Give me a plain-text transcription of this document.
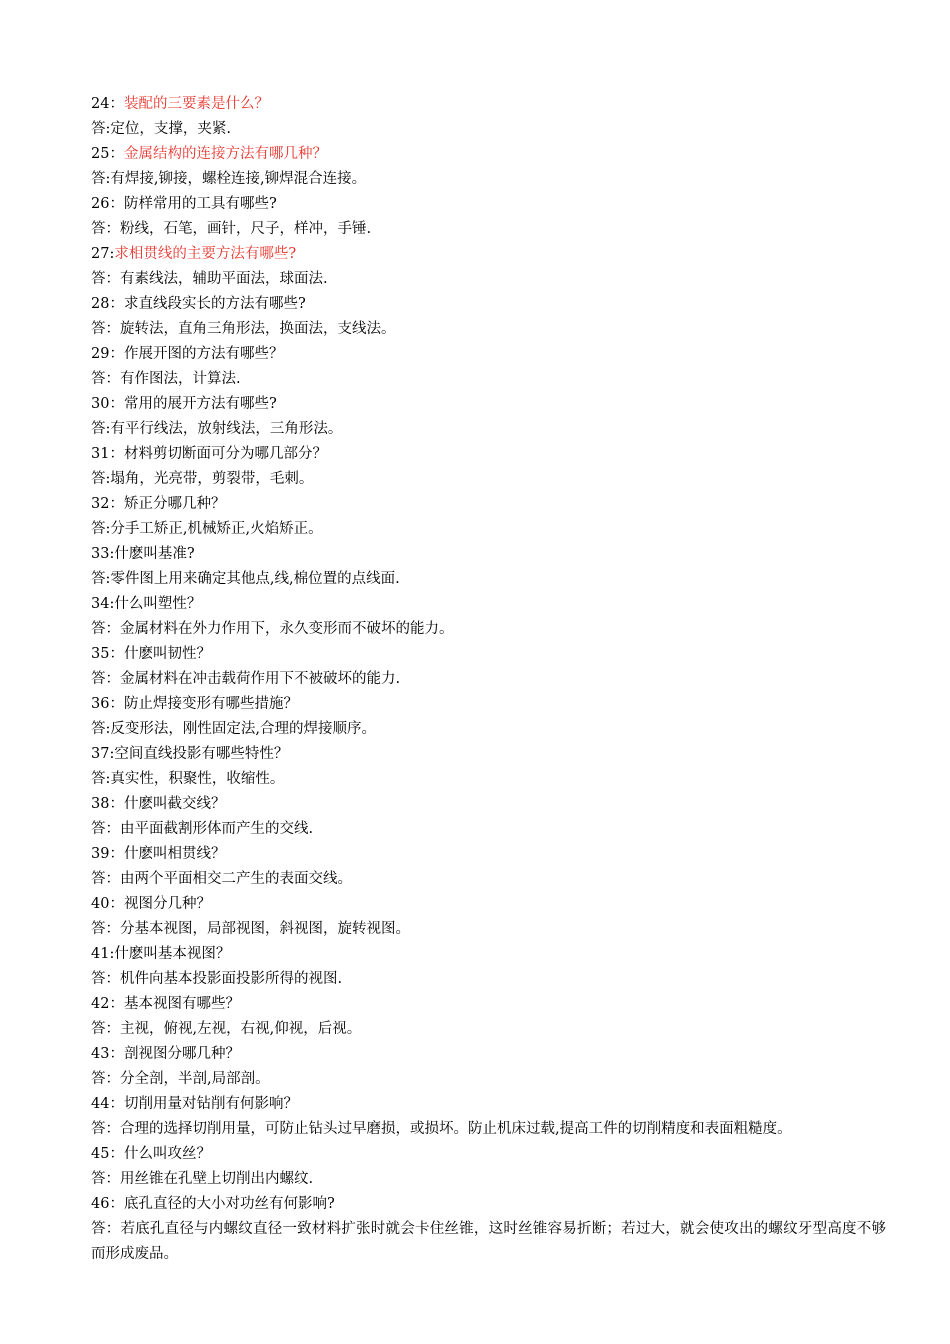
24：装配的三要素是什么？
答:定位，支撑，夹紧.
25：金属结构的连接方法有哪几种？
答:有焊接,铆接，螺栓连接,铆焊混合连接。
26：防样常用的工具有哪些?
答：粉线，石笔，画针，尺子，样冲，手锤.
27:求相贯线的主要方法有哪些?
答：有素线法，辅助平面法，球面法.
28：求直线段实长的方法有哪些?
答：旋转法，直角三角形法，换面法，支线法。
29：作展开图的方法有哪些？
答：有作图法，计算法.
30：常用的展开方法有哪些?
答:有平行线法，放射线法，三角形法。
31：材料剪切断面可分为哪几部分？
答:塌角，光亮带，剪裂带，毛刺。
32：矫正分哪几种？
答:分手工矫正,机械矫正,火焰矫正。
33:什麽叫基准?
答:零件图上用来确定其他点,线,棉位置的点线面.
34:什么叫塑性？
答：金属材料在外力作用下，永久变形而不破坏的能力。
35：什麽叫韧性？
答：金属材料在冲击载荷作用下不被破坏的能力.
36：防止焊接变形有哪些措施？
答:反变形法，刚性固定法,合理的焊接顺序。
37:空间直线投影有哪些特性？
答:真实性，积聚性，收缩性。
38：什麽叫截交线？
答：由平面截割形体而产生的交线.
39：什麽叫相贯线？
答：由两个平面相交二产生的表面交线。
40：视图分几种？
答：分基本视图，局部视图，斜视图，旋转视图。
41:什麽叫基本视图？
答：机件向基本投影面投影所得的视图.
42：基本视图有哪些？
答：主视，俯视,左视，右视,仰视，后视。
43：剖视图分哪几种？
答：分全剖，半剖,局部剖。
44：切削用量对钻削有何影响？
答：合理的选择切削用量，可防止钻头过早磨损，或损坏。防止机床过载,提高工件的切削精度和表面粗糙度。
45：什么叫攻丝？
答：用丝锥在孔壁上切削出内螺纹.
46：底孔直径的大小对功丝有何影响?
答：若底孔直径与内螺纹直径一致材料扩张时就会卡住丝锥，这时丝锥容易折断；若过大，就会使攻出的螺纹牙型高度不够而形成废品。
